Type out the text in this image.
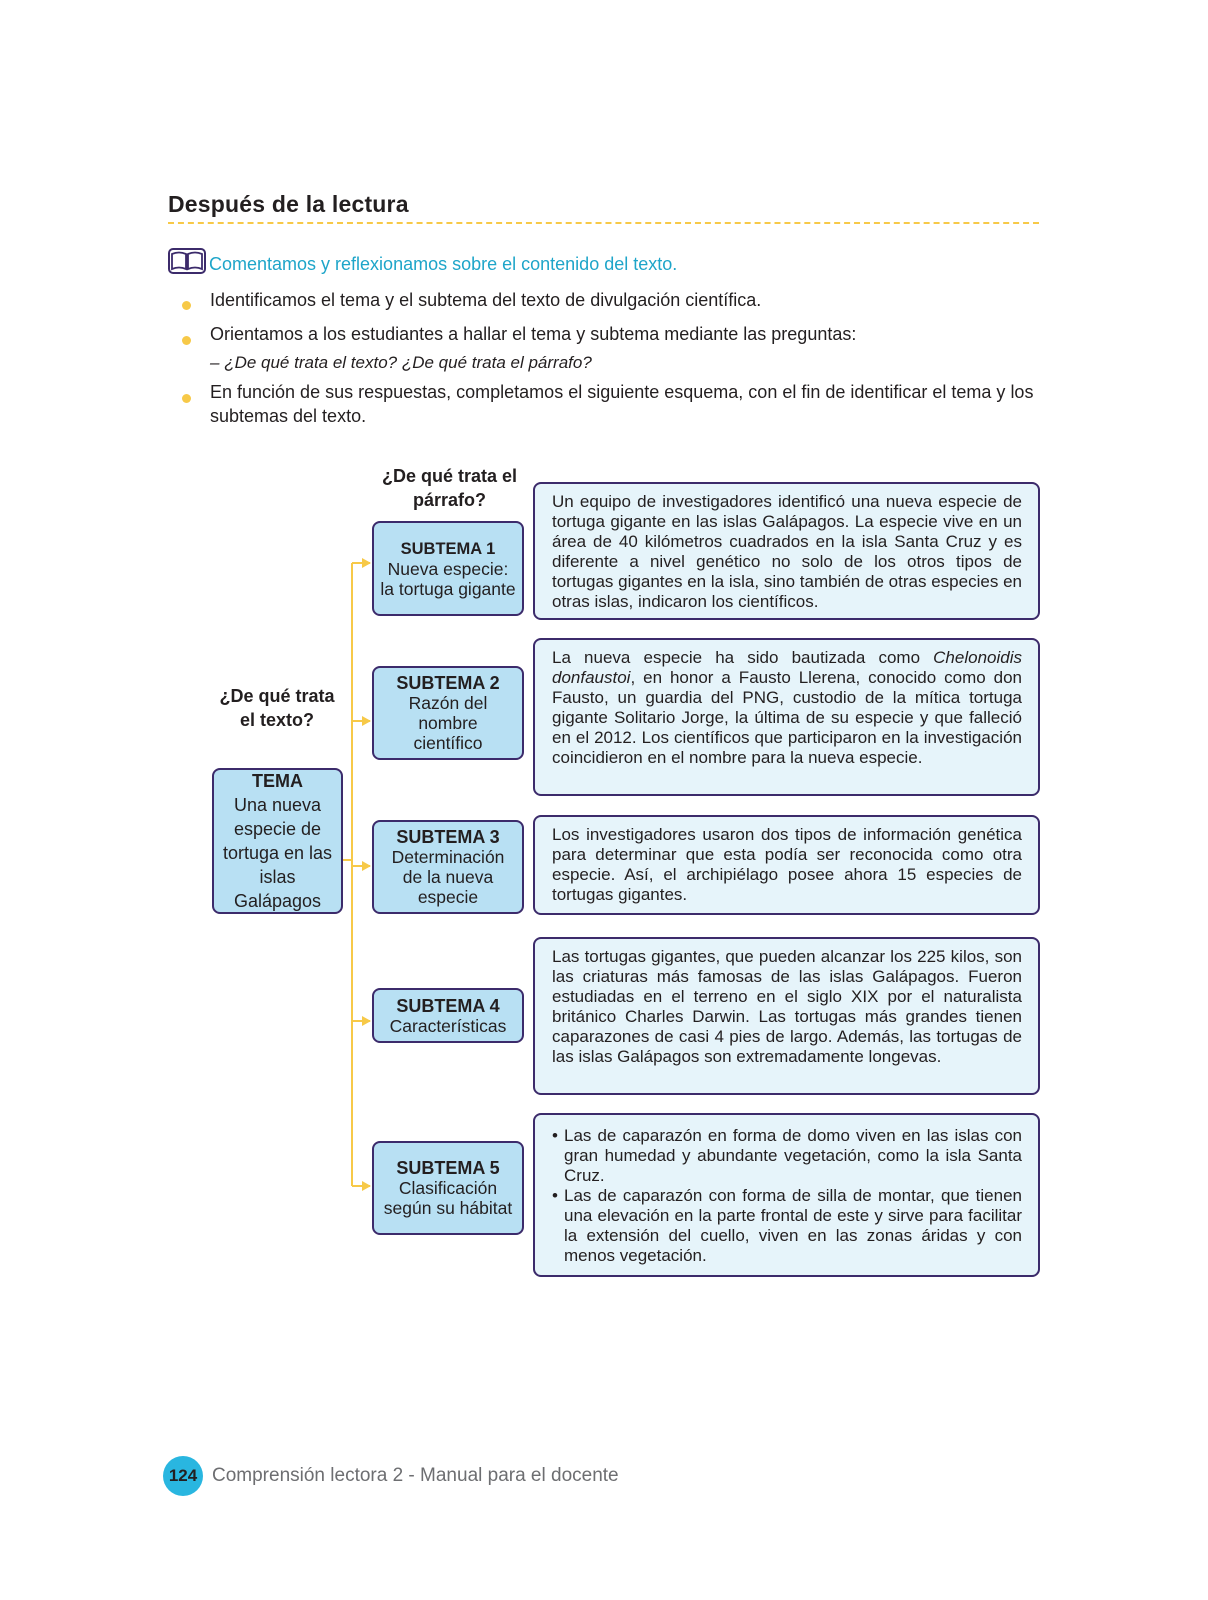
Después de la lectura
Comentamos y reflexionamos sobre el contenido del texto.
Identificamos el tema y el subtema del texto de divulgación científica.
Orientamos a los estudiantes a hallar el tema y subtema mediante las preguntas:
– ¿De qué trata el texto? ¿De qué trata el párrafo?
En función de sus respuestas, completamos el siguiente esquema, con el fin de identificar el tema y los subtemas del texto.
¿De qué trata el texto?
¿De qué trata el párrafo?
TEMA
Una nueva especie de tortuga en las islas Galápagos
SUBTEMA 1
Nueva especie: la tortuga gigante
SUBTEMA 2
Razón del nombre científico
SUBTEMA 3
Determinación de la nueva especie
SUBTEMA 4
Características
SUBTEMA 5
Clasificación según su hábitat
Un equipo de investigadores identificó una nueva especie de tortuga gigante en las islas Galápagos. La especie vive en un área de 40 kilómetros cuadrados en la isla Santa Cruz y es diferente a nivel genético no solo de los otros tipos de tortugas gigantes en la isla, sino también de otras especies en otras islas, indicaron los científicos.
La nueva especie ha sido bautizada como Chelonoidis donfaustoi, en honor a Fausto Llerena, conocido como don Fausto, un guardia del PNG, custodio de la mítica tortuga gigante Solitario Jorge, la última de su especie y que falleció en el 2012. Los científicos que participaron en la investigación coincidieron en el nombre para la nueva especie.
Los investigadores usaron dos tipos de información genética para determinar que esta podía ser reconocida como otra especie. Así, el archipiélago posee ahora 15 especies de tortugas gigantes.
Las tortugas gigantes, que pueden alcanzar los 225 kilos, son las criaturas más famosas de las islas Galápagos. Fueron estudiadas en el terreno en el siglo XIX por el naturalista británico Charles Darwin. Las tortugas más grandes tienen caparazones de casi 4 pies de largo. Además, las tortugas de las islas Galápagos son extremadamente longevas.
• Las de caparazón en forma de domo viven en las islas con gran humedad y abundante vegetación, como la isla Santa Cruz.
• Las de caparazón con forma de silla de montar, que tienen una elevación en la parte frontal de este y sirve para facilitar la extensión del cuello, viven en las zonas áridas y con menos vegetación.
124 Comprensión lectora 2 - Manual para el docente
